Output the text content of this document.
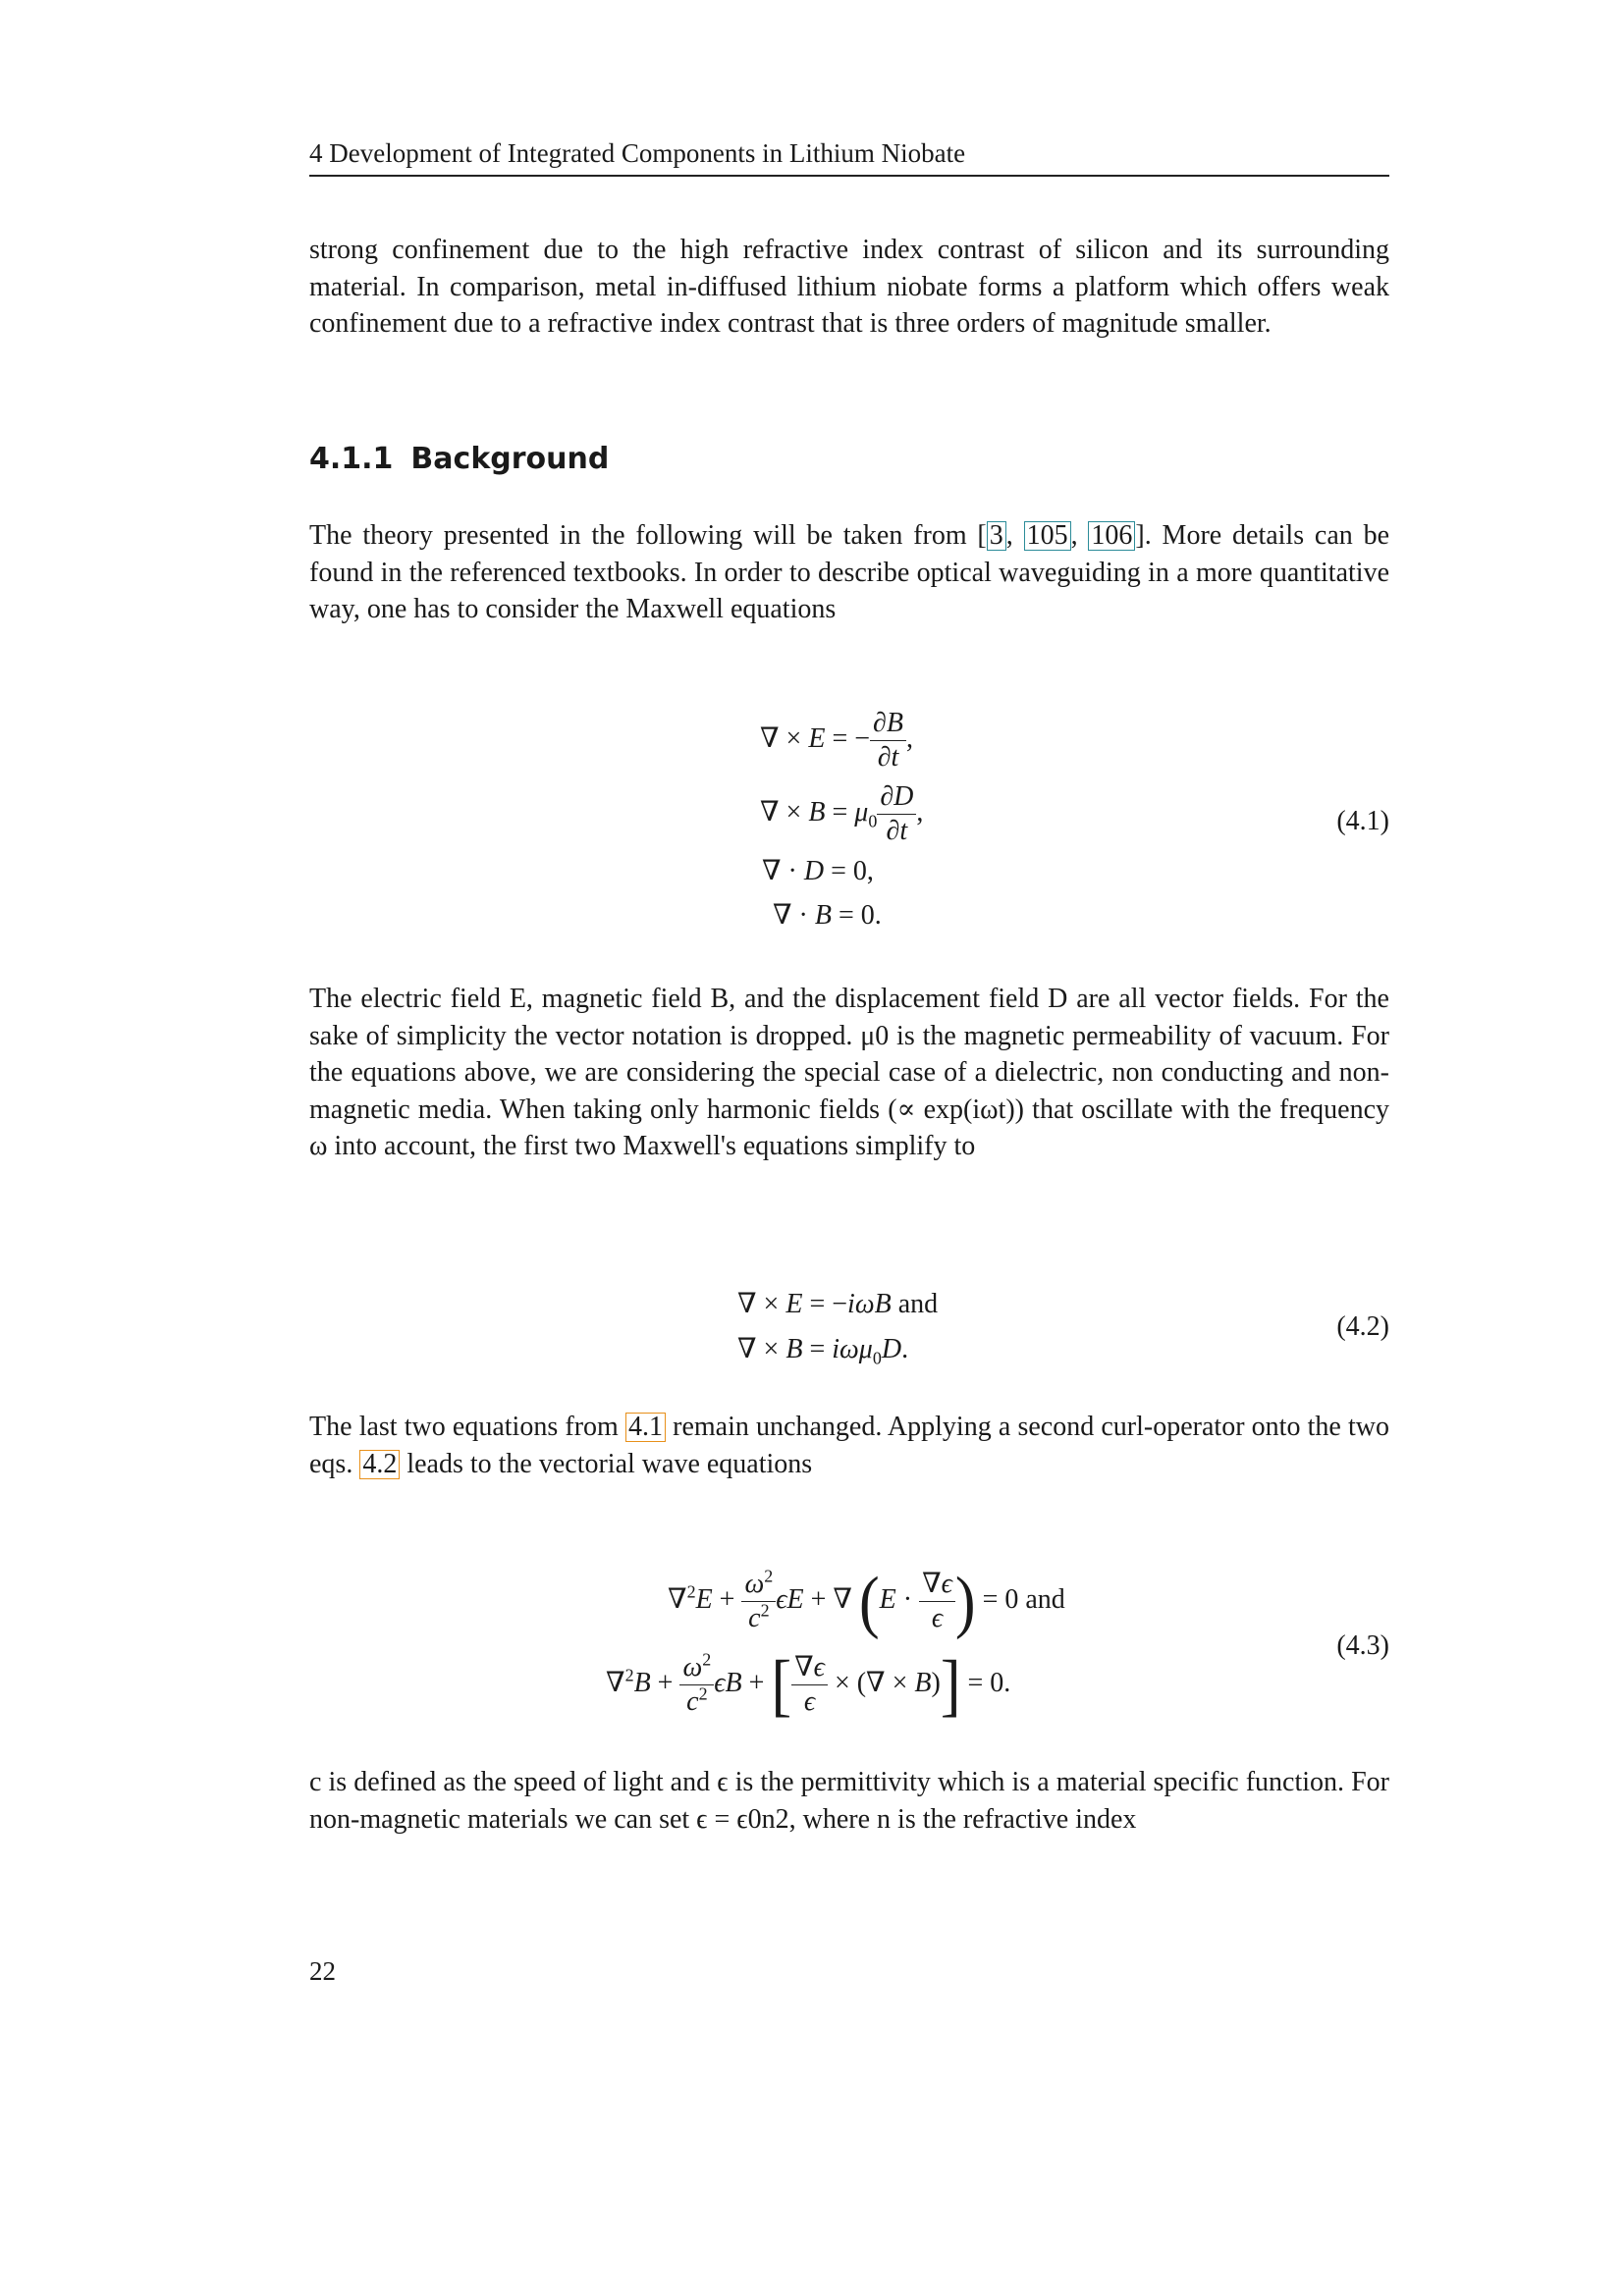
4 Development of Integrated Components in Lithium Niobate

strong confinement due to the high refractive index contrast of silicon and its surrounding material. In comparison, metal in-diffused lithium niobate forms a platform which offers weak confinement due to a refractive index contrast that is three orders of magnitude smaller.

4.1.1 Background

The theory presented in the following will be taken from [ 3 , 105 , 106 ]. More details can be found in the referenced textbooks. In order to describe optical waveguiding in a more quantitative way, one has to consider the Maxwell equations

∇ × E = − $\frac{\partial B}{\partial t}$ ,
∇ × $B = \mu_0 \frac{\partial D}{\partial t}$ ,
∇ · D = 0,
∇ · B = 0.
(4.1)

The electric field E, magnetic field B, and the displacement field D are all vector fields. For the sake of simplicity the vector notation is dropped. μ0 is the magnetic permeability of vacuum. For the equations above, we are considering the special case of a dielectric, non conducting and non-magnetic media. When taking only harmonic fields (∝ exp(iωt)) that oscillate with the frequency ω into account, the first two Maxwell's equations simplify to

∇ × E = −iωB and
∇ × B = iωμ$_0$D.
(4.2)

The last two equations from 4.1 remain unchanged. Applying a second curl-operator onto the two eqs. 4.2 leads to the vectorial wave equations

$\nabla^2E + \frac{\omega^2}{c^2}$ ϵE + ∇ ($E \cdot \frac{\nabla\epsilon}{\epsilon}$ ) = 0 and
$\nabla^2B + \frac{\omega^2}{c^2}$ ϵB + [ $\frac{\nabla\epsilon}{\epsilon}$ × (∇ × B)] = 0.
(4.3)

c is defined as the speed of light and ϵ is the permittivity which is a material specific function. For non-magnetic materials we can set ϵ = ϵ0n2, where n is the refractive index

22
